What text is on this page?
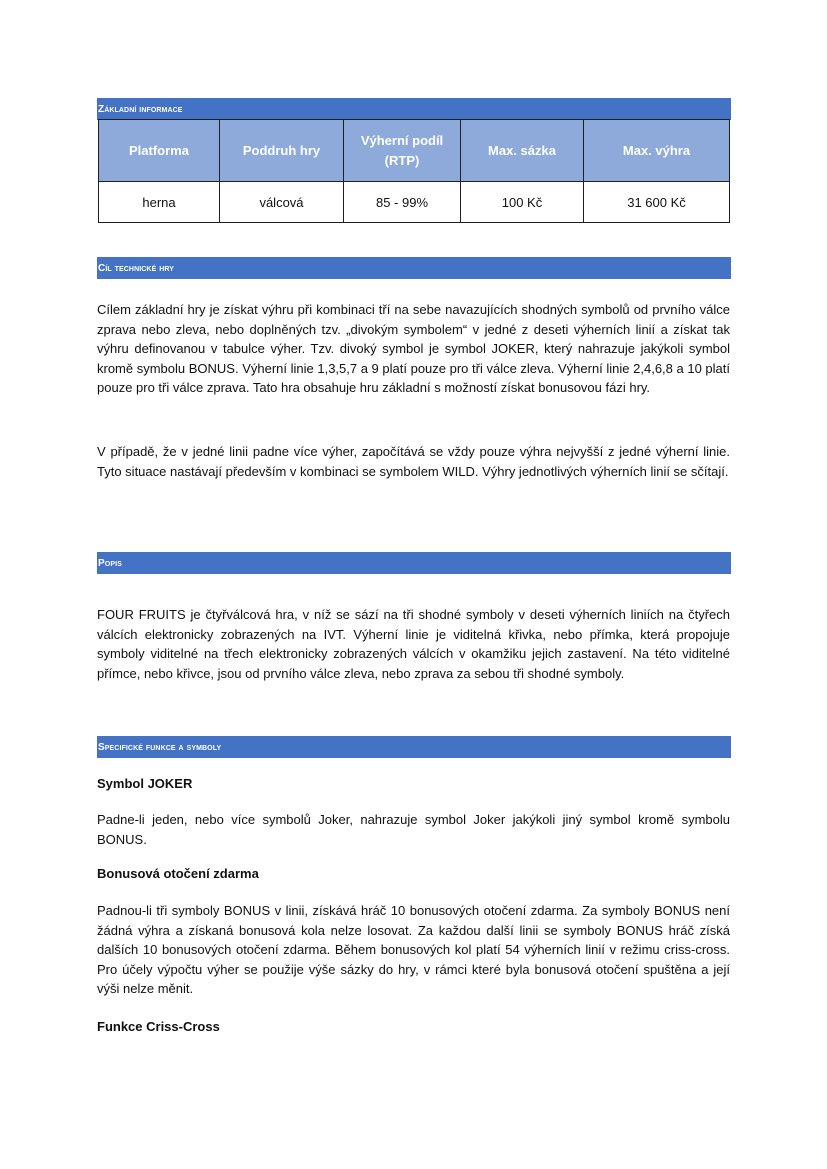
Základní informace
Platforma	Poddruh hry	Výherní podíl (RTP)	Max. sázka	Max. výhra
herna	válcová	85 - 99%	100 Kč	31 600 Kč
Cíl technické hry

Cílem základní hry je získat výhru při kombinaci tří na sebe navazujících shodných symbolů od prvního válce zprava nebo zleva, nebo doplněných tzv. „divokým symbolem“ v jedné z deseti výherních linií a získat tak výhru definovanou v tabulce výher. Tzv. divoký symbol je symbol JOKER, který nahrazuje jakýkoli symbol kromě symbolu BONUS. Výherní linie 1,3,5,7 a 9 platí pouze pro tři válce zleva. Výherní linie 2,4,6,8 a 10 platí pouze pro tři válce zprava. Tato hra obsahuje hru základní s možností získat bonusovou fázi hry.

V případě, že v jedné linii padne více výher, započítává se vždy pouze výhra nejvyšší z jedné výherní linie. Tyto situace nastávají především v kombinaci se symbolem WILD. Výhry jednotlivých výherních linií se sčítají.

Popis

FOUR FRUITS je čtyřválcová hra, v níž se sází na tři shodné symboly v deseti výherních liniích na čtyřech válcích elektronicky zobrazených na IVT. Výherní linie je viditelná křivka, nebo přímka, která propojuje symboly viditelné na třech elektronicky zobrazených válcích v okamžiku jejich zastavení. Na této viditelné přímce, nebo křivce, jsou od prvního válce zleva, nebo zprava za sebou tři shodné symboly.

Specifické funkce a symboly

Symbol JOKER

Padne-li jeden, nebo více symbolů Joker, nahrazuje symbol Joker jakýkoli jiný symbol kromě symbolu BONUS.

Bonusová otočení zdarma

Padnou-li tři symboly BONUS v linii, získává hráč 10 bonusových otočení zdarma. Za symboly BONUS není žádná výhra a získaná bonusová kola nelze losovat. Za každou další linii se symboly BONUS hráč získá dalších 10 bonusových otočení zdarma. Během bonusových kol platí 54 výherních linií v režimu criss-cross. Pro účely výpočtu výher se použije výše sázky do hry, v rámci které byla bonusová otočení spuštěna a její výši nelze měnit.

Funkce Criss-Cross
